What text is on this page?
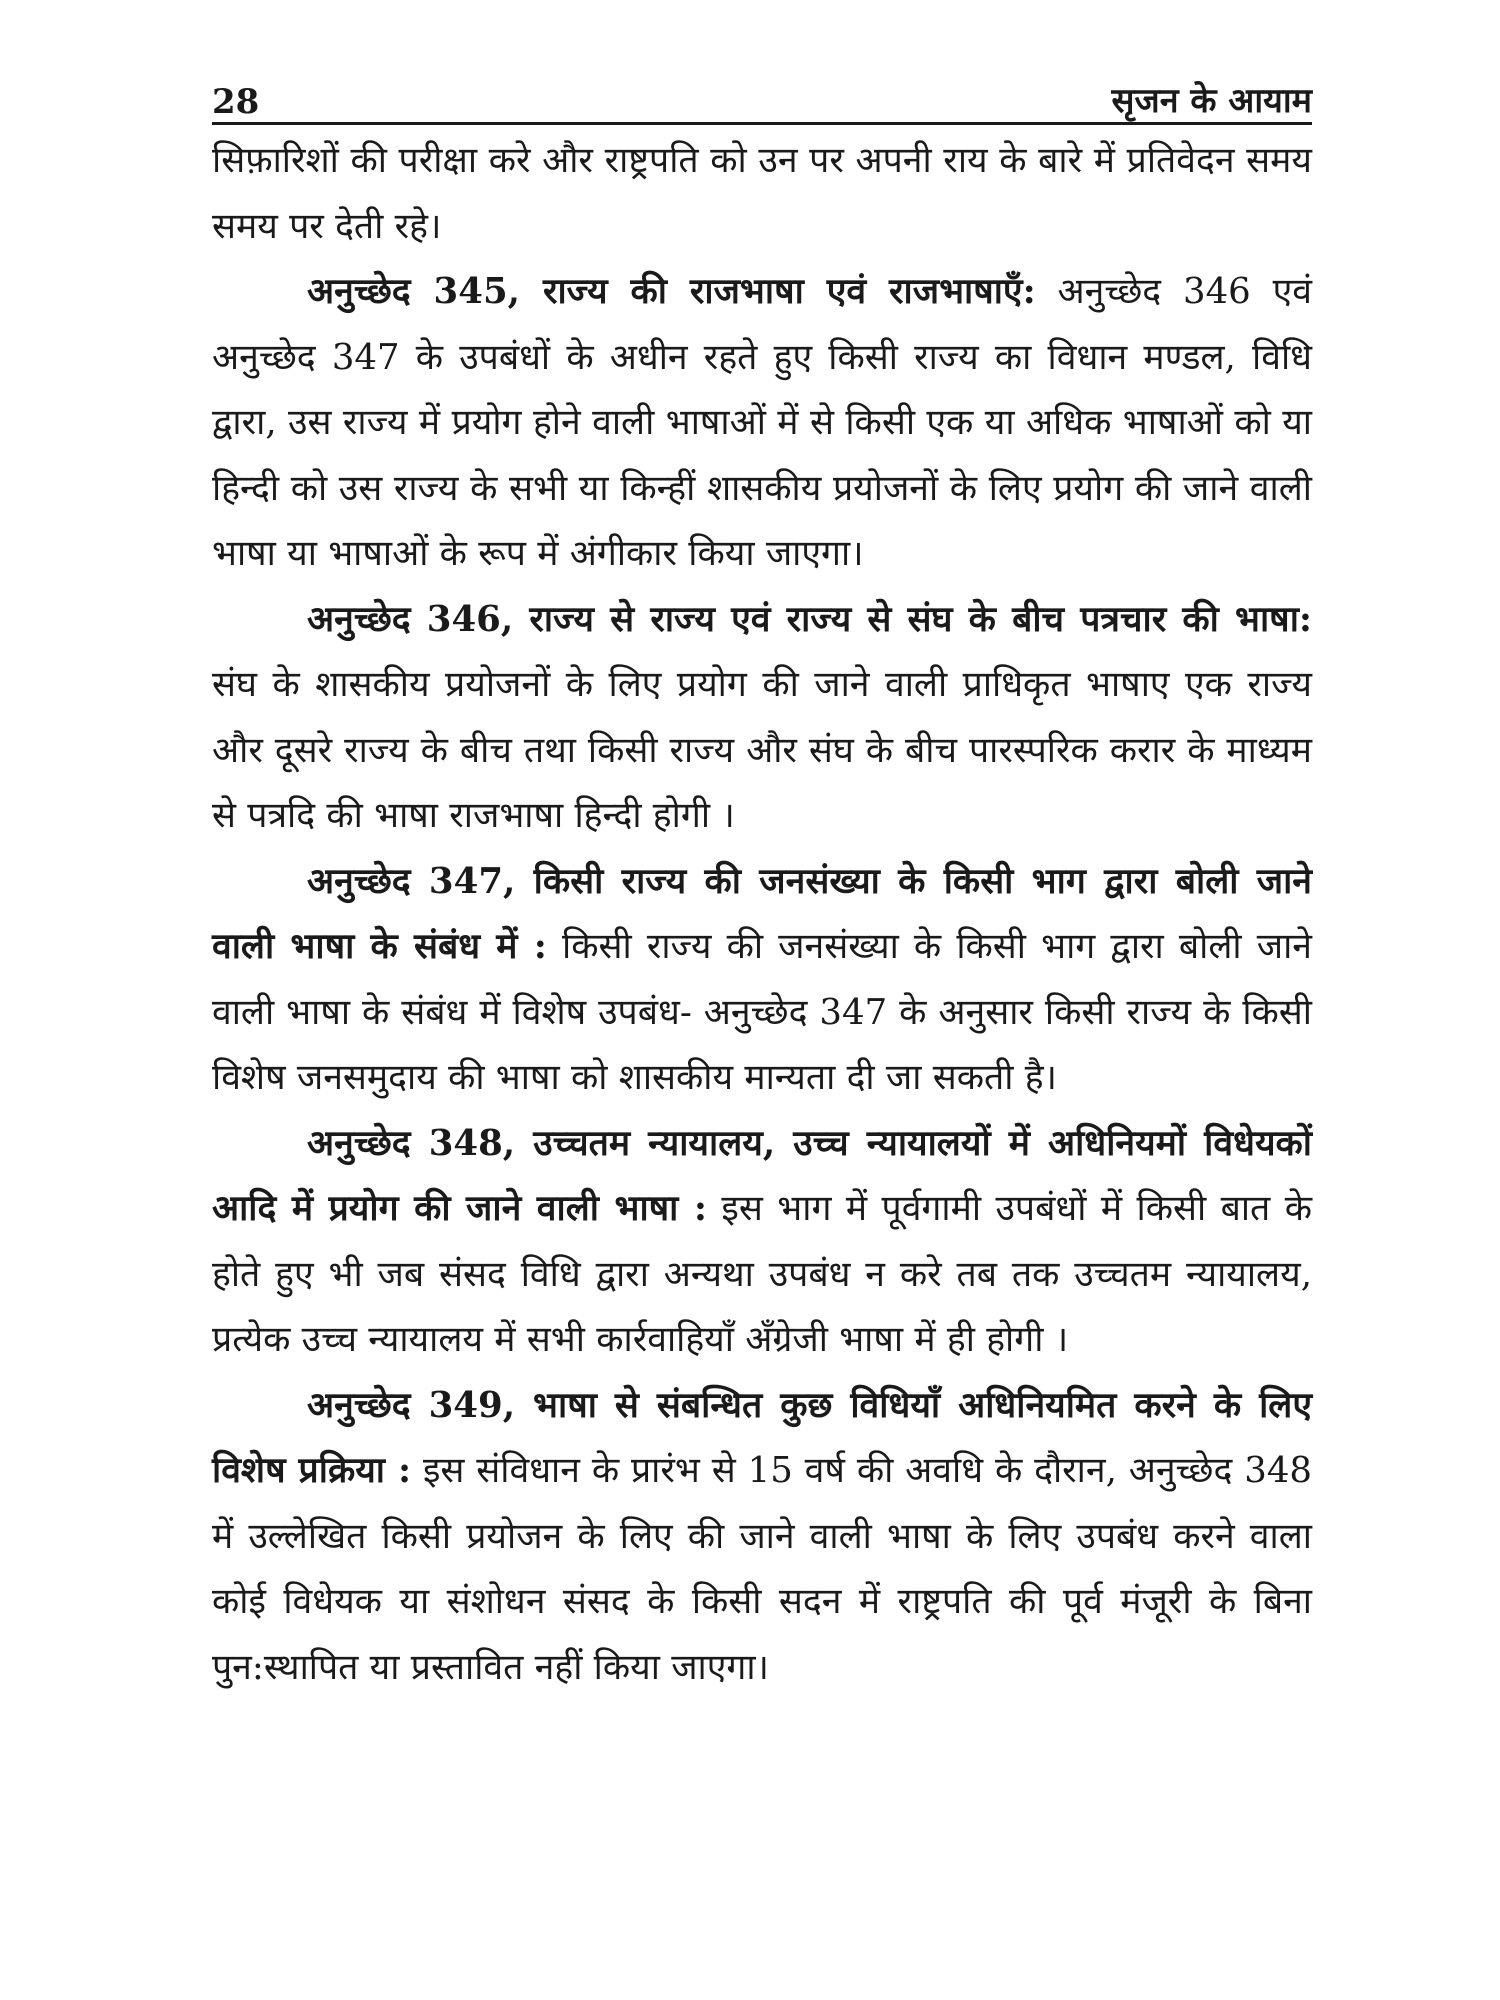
28	सृजन के आयाम

सिफ़ारिशों की परीक्षा करे और राष्ट्रपति को उन पर अपनी राय के बारे में प्रतिवेदन समय समय पर देती रहे।

अनुच्छेद 345, राज्य की राजभाषा एवं राजभाषाएँ: अनुच्छेद 346 एवं अनुच्छेद 347 के उपबंधों के अधीन रहते हुए किसी राज्य का विधान मण्डल, विधि द्वारा, उस राज्य में प्रयोग होने वाली भाषाओं में से किसी एक या अधिक भाषाओं को या हिन्दी को उस राज्य के सभी या किन्हीं शासकीय प्रयोजनों के लिए प्रयोग की जाने वाली भाषा या भाषाओं के रूप में अंगीकार किया जाएगा।

अनुच्छेद 346, राज्य से राज्य एवं राज्य से संघ के बीच पत्रचार की भाषा: संघ के शासकीय प्रयोजनों के लिए प्रयोग की जाने वाली प्राधिकृत भाषाए एक राज्य और दूसरे राज्य के बीच तथा किसी राज्य और संघ के बीच पारस्परिक करार के माध्यम से पत्रदि की भाषा राजभाषा हिन्दी होगी ।

अनुच्छेद 347, किसी राज्य की जनसंख्या के किसी भाग द्वारा बोली जाने वाली भाषा के संबंध में : किसी राज्य की जनसंख्या के किसी भाग द्वारा बोली जाने वाली भाषा के संबंध में विशेष उपबंध- अनुच्छेद 347 के अनुसार किसी राज्य के किसी विशेष जनसमुदाय की भाषा को शासकीय मान्यता दी जा सकती है।

अनुच्छेद 348, उच्चतम न्यायालय, उच्च न्यायालयों में अधिनियमों विधेयकों आदि में प्रयोग की जाने वाली भाषा : इस भाग में पूर्वगामी उपबंधों में किसी बात के होते हुए भी जब संसद विधि द्वारा अन्यथा उपबंध न करे तब तक उच्चतम न्यायालय, प्रत्येक उच्च न्यायालय में सभी कार्रवाहियाँ अँग्रेजी भाषा में ही होगी ।

अनुच्छेद 349, भाषा से संबन्धित कुछ विधियाँ अधिनियमित करने के लिए विशेष प्रक्रिया : इस संविधान के प्रारंभ से 15 वर्ष की अवधि के दौरान, अनुच्छेद 348 में उल्लेखित किसी प्रयोजन के लिए की जाने वाली भाषा के लिए उपबंध करने वाला कोई विधेयक या संशोधन संसद के किसी सदन में राष्ट्रपति की पूर्व मंजूरी के बिना पुन:स्थापित या प्रस्तावित नहीं किया जाएगा।
